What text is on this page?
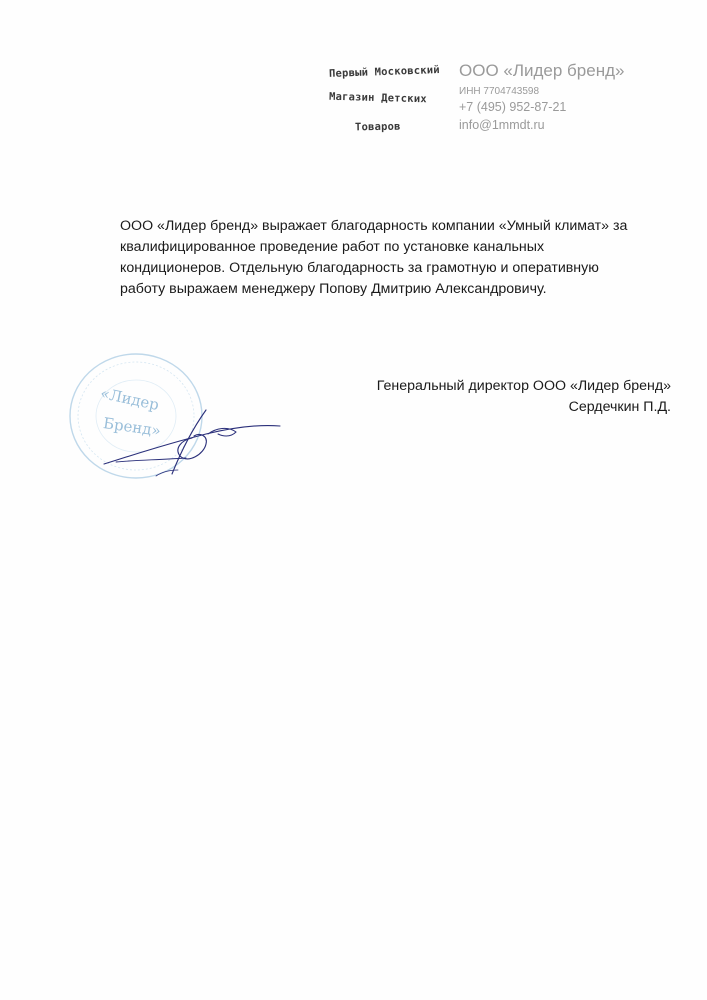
Первый Московский
Магазин Детских
Товаров
ООО «Лидер бренд»
ИНН 7704743598
+7 (495) 952-87-21
info@1mmdt.ru

ООО «Лидер бренд» выражает благодарность компании «Умный климат» за квалифицированное проведение работ по установке канальных кондиционеров. Отдельную благодарность за грамотную и оперативную работу выражаем менеджеру Попову Дмитрию Александровичу.

«Лидер
Бренд»
Генеральный директор ООО «Лидер бренд»
Сердечкин П.Д.
